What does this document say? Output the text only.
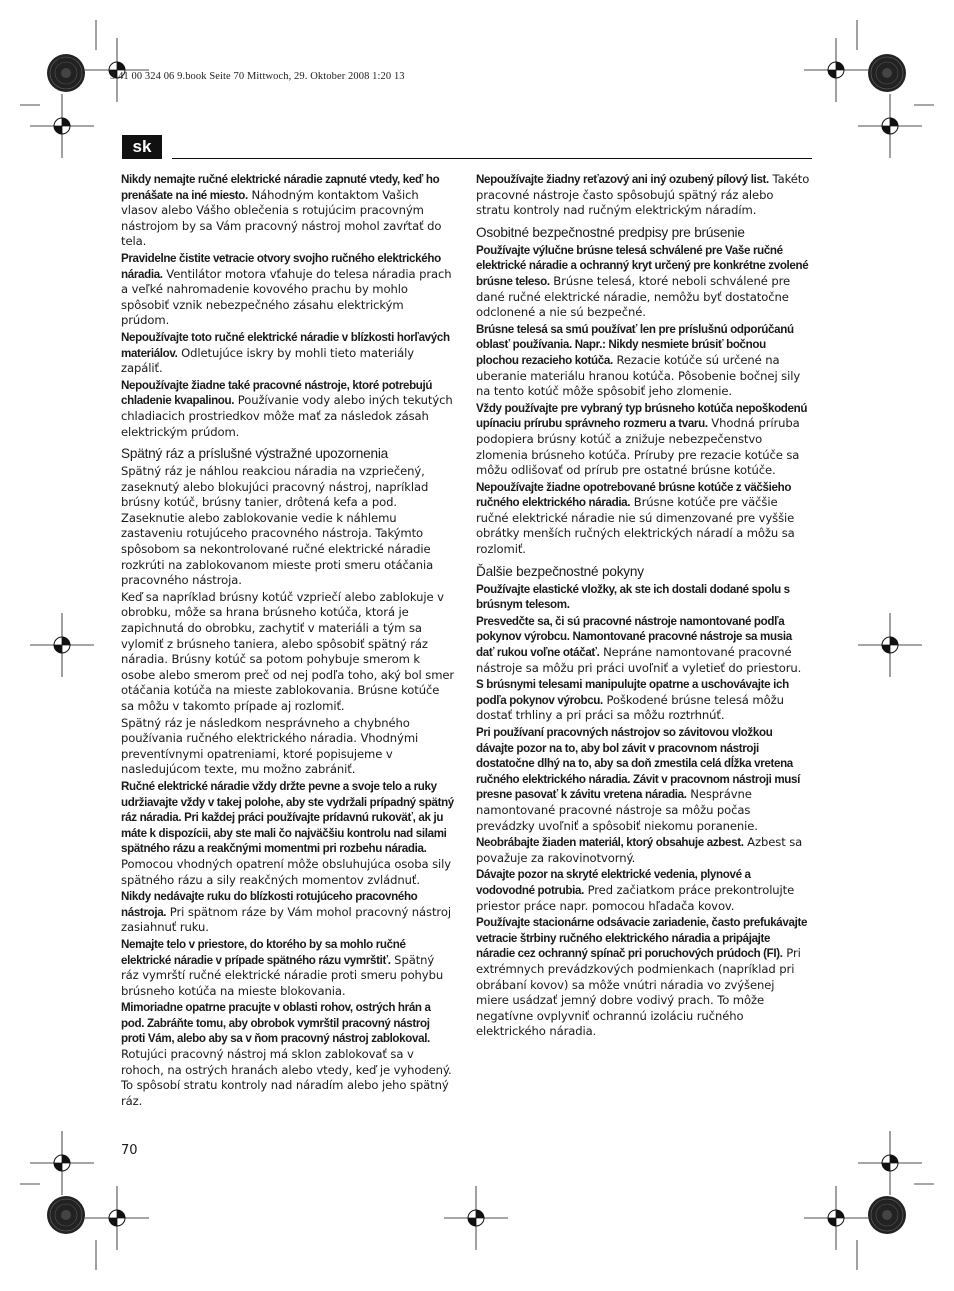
3 41 00 324 06 9.book Seite 70 Mittwoch, 29. Oktober 2008 1:20 13
sk
Nikdy nemajte ručné elektrické náradie zapnuté vtedy, keď ho prenášate na iné miesto. Náhodným kontaktom Vašich vlasov alebo Vášho oblečenia s rotujúcim pracovným nástrojom by sa Vám pracovný nástroj mohol zavŕtať do tela.
Pravidelne čistite vetracie otvory svojho ručného elektrického náradia. Ventilátor motora vťahuje do telesa náradia prach a veľké nahromadenie kovového prachu by mohlo spôsobiť vznik nebezpečného zásahu elektrickým prúdom.
Nepoužívajte toto ručné elektrické náradie v blízkosti horľavých materiálov. Odletujúce iskry by mohli tieto materiály zapáliť.
Nepoužívajte žiadne také pracovné nástroje, ktoré potrebujú chladenie kvapalinou. Používanie vody alebo iných tekutých chladiacich prostriedkov môže mať za následok zásah elektrickým prúdom.
Spätný ráz a príslušné výstražné upozornenia
Spätný ráz je náhlou reakciou náradia na vzpriečený, zaseknutý alebo blokujúci pracovný nástroj, napríklad brúsny kotúč, brúsny tanier, drôtená kefa a pod. Zaseknutie alebo zablokovanie vedie k náhlemu zastaveniu rotujúceho pracovného nástroja. Takýmto spôsobom sa nekontrolované ručné elektrické náradie rozkrúti na zablokovanom mieste proti smeru otáčania pracovného nástroja.
Keď sa napríklad brúsny kotúč vzpriečí alebo zablokuje v obrobku, môže sa hrana brúsneho kotúča, ktorá je zapichnutá do obrobku, zachytiť v materiáli a tým sa vylomiť z brúsneho taniera, alebo spôsobiť spätný ráz náradia. Brúsny kotúč sa potom pohybuje smerom k osobe alebo smerom preč od nej podľa toho, aký bol smer otáčania kotúča na mieste zablokovania. Brúsne kotúče sa môžu v takomto prípade aj rozlomiť.
Spätný ráz je následkom nesprávneho a chybného používania ručného elektrického náradia. Vhodnými preventívnymi opatreniami, ktoré popisujeme v nasledujúcom texte, mu možno zabrániť.
Ručné elektrické náradie vždy držte pevne a svoje telo a ruky udržiavajte vždy v takej polohe, aby ste vydržali prípadný spätný ráz náradia. Pri každej práci používajte prídavnú rukoväť, ak ju máte k dispozícii, aby ste mali čo najväčšiu kontrolu nad silami spätného rázu a reakčnými momentmi pri rozbehu náradia. Pomocou vhodných opatrení môže obsluhujúca osoba sily spätného rázu a sily reakčných momentov zvládnuť.
Nikdy nedávajte ruku do blízkosti rotujúceho pracovného nástroja. Pri spätnom ráze by Vám mohol pracovný nástroj zasiahnuť ruku.
Nemajte telo v priestore, do ktorého by sa mohlo ručné elektrické náradie v prípade spätného rázu vymrštiť. Spätný ráz vymrští ručné elektrické náradie proti smeru pohybu brúsneho kotúča na mieste blokovania.
Mimoriadne opatrne pracujte v oblasti rohov, ostrých hrán a pod. Zabráňte tomu, aby obrobok vymrštil pracovný nástroj proti Vám, alebo aby sa v ňom pracovný nástroj zablokoval. Rotujúci pracovný nástroj má sklon zablokovať sa v rohoch, na ostrých hranách alebo vtedy, keď je vyhodený. To spôsobí stratu kontroly nad náradím alebo jeho spätný ráz.
Nepoužívajte žiadny reťazový ani iný ozubený pílový list. Takéto pracovné nástroje často spôsobujú spätný ráz alebo stratu kontroly nad ručným elektrickým náradím.
Osobitné bezpečnostné predpisy pre brúsenie
Používajte výlučne brúsne telesá schválené pre Vaše ručné elektrické náradie a ochranný kryt určený pre konkrétne zvolené brúsne teleso. Brúsne telesá, ktoré neboli schválené pre dané ručné elektrické náradie, nemôžu byť dostatočne odclonené a nie sú bezpečné.
Brúsne telesá sa smú používať len pre príslušnú odporúčanú oblasť používania. Napr.: Nikdy nesmiete brúsiť bočnou plochou rezacieho kotúča. Rezacie kotúče sú určené na uberanie materiálu hranou kotúča. Pôsobenie bočnej sily na tento kotúč môže spôsobiť jeho zlomenie.
Vždy používajte pre vybraný typ brúsneho kotúča nepoškodenú upínaciu prírubu správneho rozmeru a tvaru. Vhodná príruba podopiera brúsny kotúč a znižuje nebezpečenstvo zlomenia brúsneho kotúča. Príruby pre rezacie kotúče sa môžu odlišovať od prírub pre ostatné brúsne kotúče.
Nepoužívajte žiadne opotrebované brúsne kotúče z väčšieho ručného elektrického náradia. Brúsne kotúče pre väčšie ručné elektrické náradie nie sú dimenzované pre vyššie obrátky menších ručných elektrických náradí a môžu sa rozlomiť.
Ďalšie bezpečnostné pokyny
Používajte elastické vložky, ak ste ich dostali dodané spolu s brúsnym telesom.
Presvedčte sa, či sú pracovné nástroje namontované podľa pokynov výrobcu. Namontované pracovné nástroje sa musia dať rukou voľne otáčať. Nepráne namontované pracovné nástroje sa môžu pri práci uvoľniť a vyletieť do priestoru.
S brúsnymi telesami manipulujte opatrne a uschovávajte ich podľa pokynov výrobcu. Poškodené brúsne telesá môžu dostať trhliny a pri práci sa môžu roztrhnúť.
Pri používaní pracovných nástrojov so závitovou vložkou dávajte pozor na to, aby bol závit v pracovnom nástroji dostatočne dlhý na to, aby sa doň zmestila celá dĺžka vretena ručného elektrického náradia. Závit v pracovnom nástroji musí presne pasovať k závitu vretena náradia. Nesprávne namontované pracovné nástroje sa môžu počas prevádzky uvoľniť a spôsobiť niekomu poranenie.
Neobrábajte žiaden materiál, ktorý obsahuje azbest. Azbest sa považuje za rakovinotvorný.
Dávajte pozor na skryté elektrické vedenia, plynové a vodovodné potrubia. Pred začiatkom práce prekontrolujte priestor práce napr. pomocou hľadača kovov.
Používajte stacionárne odsávacie zariadenie, často prefukávajte vetracie štrbiny ručného elektrického náradia a pripájajte náradie cez ochranný spínač pri poruchových prúdoch (FI). Pri extrémnych prevádzkových podmienkach (napríklad pri obrábaní kovov) sa môže vnútri náradia vo zvýšenej miere usádzať jemný dobre vodivý prach. To môže negatívne ovplyvniť ochrannú izoláciu ručného elektrického náradia.
70
